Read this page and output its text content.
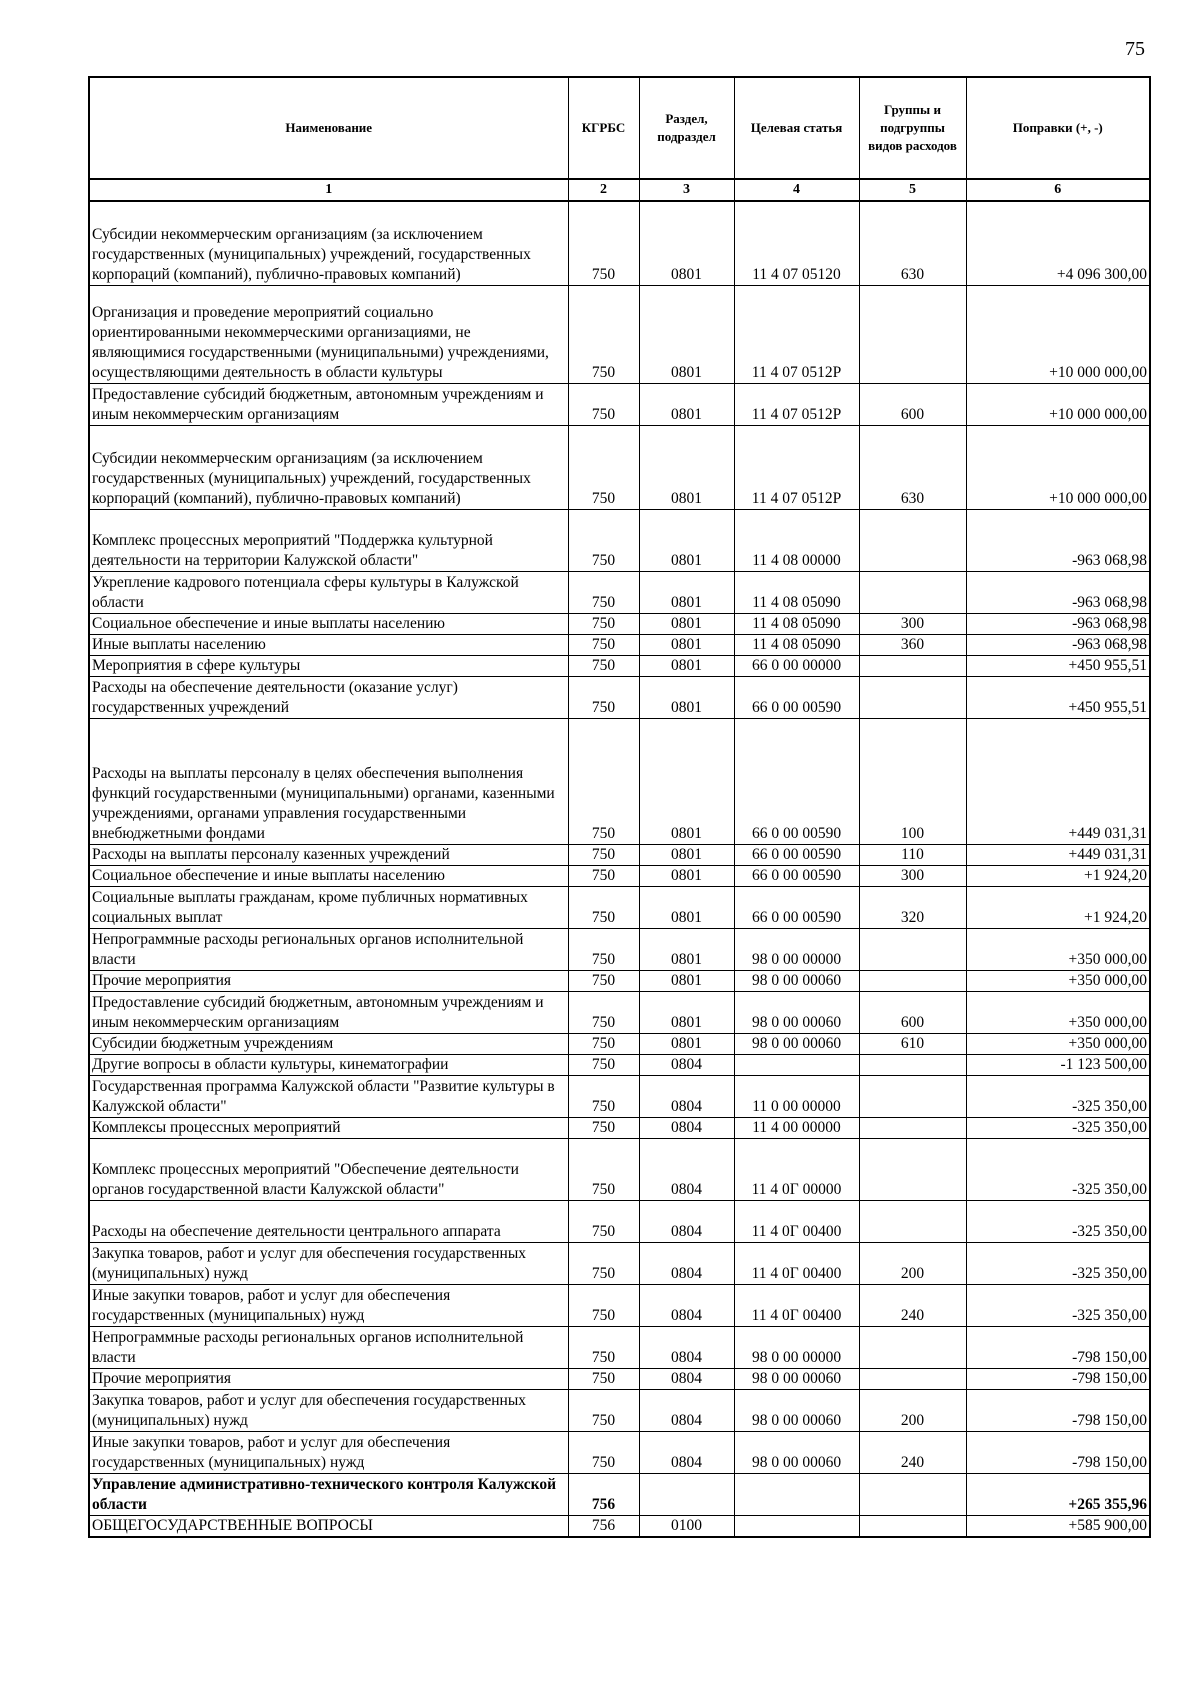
75
Наименование	КГРБС	Раздел, подраздел	Целевая статья	Группы и подгруппы видов расходов	Поправки (+, -)
1	2	3	4	5	6
Субсидии некоммерческим организациям (за исключением государственных (муниципальных) учреждений, государственных корпораций (компаний), публично-правовых компаний)	750	0801	11 4 07 05120	630	+4 096 300,00
Организация и проведение мероприятий социально ориентированными некоммерческими организациями, не являющимися государственными (муниципальными) учреждениями, осуществляющими деятельность в области культуры	750	0801	11 4 07 0512Р		+10 000 000,00
Предоставление субсидий бюджетным, автономным учреждениям и иным некоммерческим организациям	750	0801	11 4 07 0512Р	600	+10 000 000,00
Субсидии некоммерческим организациям (за исключением государственных (муниципальных) учреждений, государственных корпораций (компаний), публично-правовых компаний)	750	0801	11 4 07 0512Р	630	+10 000 000,00
Комплекс процессных мероприятий "Поддержка культурной деятельности на территории Калужской области"	750	0801	11 4 08 00000		-963 068,98
Укрепление кадрового потенциала сферы культуры в Калужской области	750	0801	11 4 08 05090		-963 068,98
Социальное обеспечение и иные выплаты населению	750	0801	11 4 08 05090	300	-963 068,98
Иные выплаты населению	750	0801	11 4 08 05090	360	-963 068,98
Мероприятия в сфере культуры	750	0801	66 0 00 00000		+450 955,51
Расходы на обеспечение деятельности (оказание услуг) государственных учреждений	750	0801	66 0 00 00590		+450 955,51
Расходы на выплаты персоналу в целях обеспечения выполнения функций государственными (муниципальными) органами, казенными учреждениями, органами управления государственными внебюджетными фондами	750	0801	66 0 00 00590	100	+449 031,31
Расходы на выплаты персоналу казенных учреждений	750	0801	66 0 00 00590	110	+449 031,31
Социальное обеспечение и иные выплаты населению	750	0801	66 0 00 00590	300	+1 924,20
Социальные выплаты гражданам, кроме публичных нормативных социальных выплат	750	0801	66 0 00 00590	320	+1 924,20
Непрограммные расходы региональных органов исполнительной власти	750	0801	98 0 00 00000		+350 000,00
Прочие мероприятия	750	0801	98 0 00 00060		+350 000,00
Предоставление субсидий бюджетным, автономным учреждениям и иным некоммерческим организациям	750	0801	98 0 00 00060	600	+350 000,00
Субсидии бюджетным учреждениям	750	0801	98 0 00 00060	610	+350 000,00
Другие вопросы в области культуры, кинематографии	750	0804			-1 123 500,00
Государственная программа Калужской области "Развитие культуры в Калужской области"	750	0804	11 0 00 00000		-325 350,00
Комплексы процессных мероприятий	750	0804	11 4 00 00000		-325 350,00
Комплекс процессных мероприятий "Обеспечение деятельности органов государственной власти Калужской области"	750	0804	11 4 0Г 00000		-325 350,00
Расходы на обеспечение деятельности центрального аппарата	750	0804	11 4 0Г 00400		-325 350,00
Закупка товаров, работ и услуг для обеспечения государственных (муниципальных) нужд	750	0804	11 4 0Г 00400	200	-325 350,00
Иные закупки товаров, работ и услуг для обеспечения государственных (муниципальных) нужд	750	0804	11 4 0Г 00400	240	-325 350,00
Непрограммные расходы региональных органов исполнительной власти	750	0804	98 0 00 00000		-798 150,00
Прочие мероприятия	750	0804	98 0 00 00060		-798 150,00
Закупка товаров, работ и услуг для обеспечения государственных (муниципальных) нужд	750	0804	98 0 00 00060	200	-798 150,00
Иные закупки товаров, работ и услуг для обеспечения государственных (муниципальных) нужд	750	0804	98 0 00 00060	240	-798 150,00
Управление административно-технического контроля Калужской области	756				+265 355,96
ОБЩЕГОСУДАРСТВЕННЫЕ ВОПРОСЫ	756	0100			+585 900,00
